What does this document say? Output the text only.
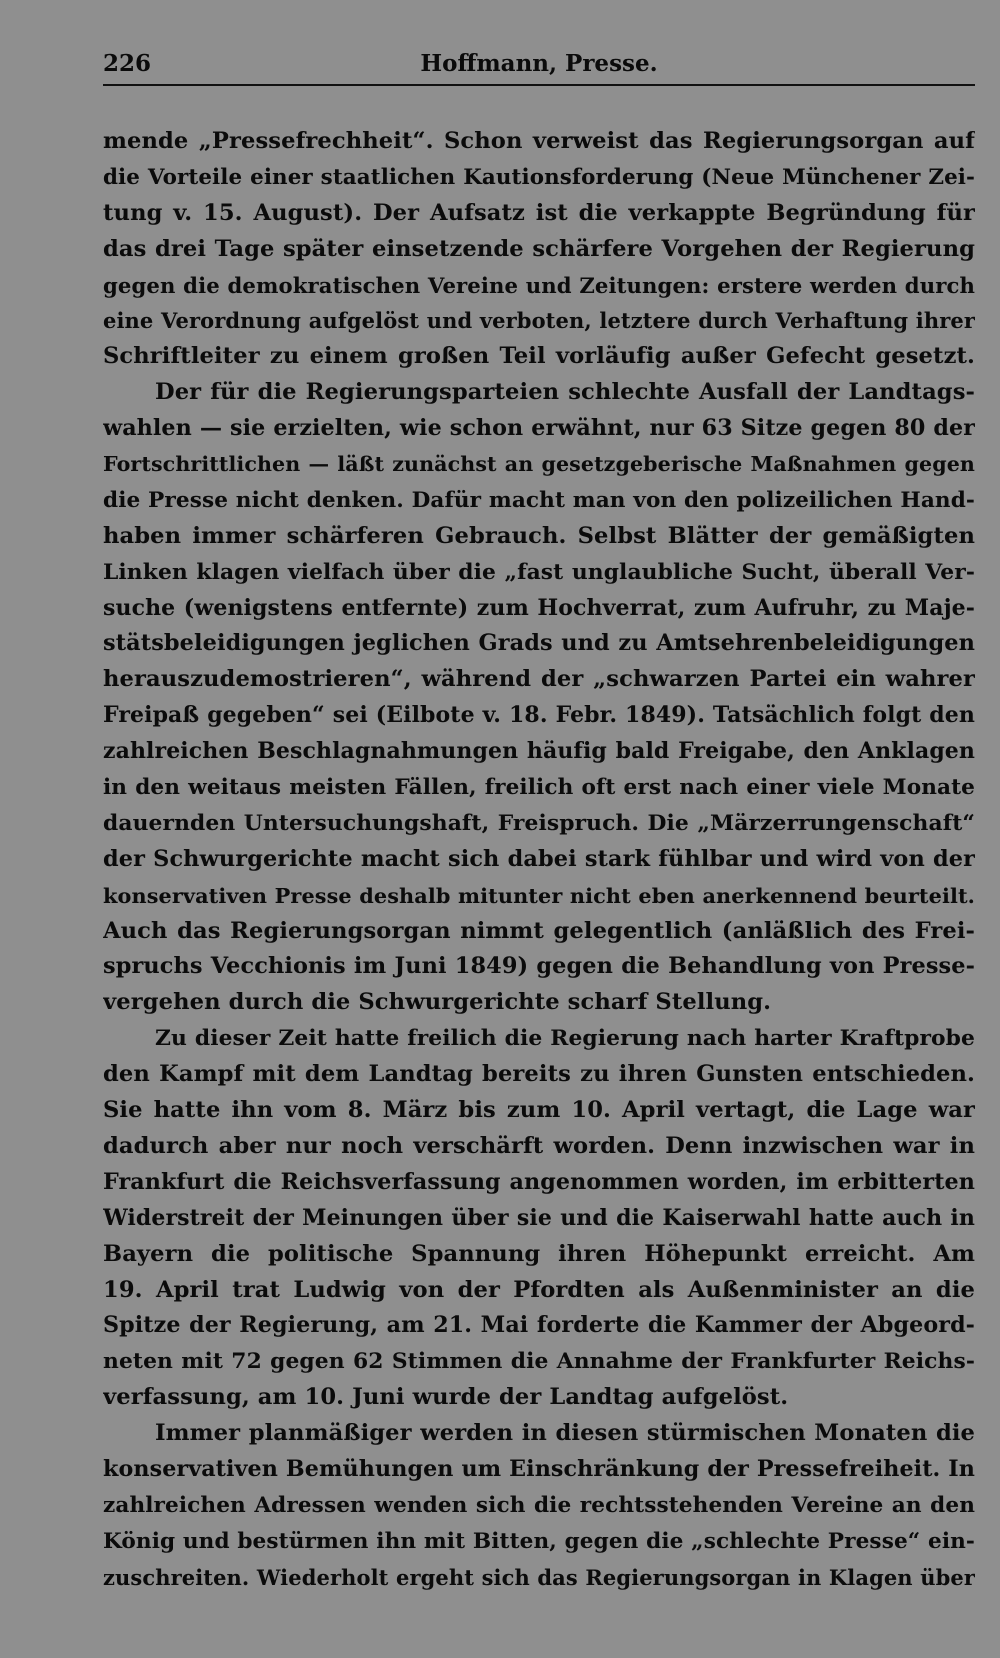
226	Hoffmann, Presse.
mende „Pressefrechheit“. Schon verweist das Regierungsorgan auf
die Vorteile einer staatlichen Kautionsforderung (Neue Münchener Zei-
tung v. 15. August). Der Aufsatz ist die verkappte Begründung für
das drei Tage später einsetzende schärfere Vorgehen der Regierung
gegen die demokratischen Vereine und Zeitungen: erstere werden durch
eine Verordnung aufgelöst und verboten, letztere durch Verhaftung ihrer
Schriftleiter zu einem großen Teil vorläufig außer Gefecht gesetzt.
Der für die Regierungsparteien schlechte Ausfall der Landtags-
wahlen — sie erzielten, wie schon erwähnt, nur 63 Sitze gegen 80 der
Fortschrittlichen — läßt zunächst an gesetzgeberische Maßnahmen gegen
die Presse nicht denken. Dafür macht man von den polizeilichen Hand-
haben immer schärferen Gebrauch. Selbst Blätter der gemäßigten
Linken klagen vielfach über die „fast unglaubliche Sucht, überall Ver-
suche (wenigstens entfernte) zum Hochverrat, zum Aufruhr, zu Maje-
stätsbeleidigungen jeglichen Grads und zu Amtsehrenbeleidigungen
herauszudemostrieren“, während der „schwarzen Partei ein wahrer
Freipaß gegeben“ sei (Eilbote v. 18. Febr. 1849). Tatsächlich folgt den
zahlreichen Beschlagnahmungen häufig bald Freigabe, den Anklagen
in den weitaus meisten Fällen, freilich oft erst nach einer viele Monate
dauernden Untersuchungshaft, Freispruch. Die „Märzerrungenschaft“
der Schwurgerichte macht sich dabei stark fühlbar und wird von der
konservativen Presse deshalb mitunter nicht eben anerkennend beurteilt.
Auch das Regierungsorgan nimmt gelegentlich (anläßlich des Frei-
spruchs Vecchionis im Juni 1849) gegen die Behandlung von Presse-
vergehen durch die Schwurgerichte scharf Stellung.
Zu dieser Zeit hatte freilich die Regierung nach harter Kraftprobe
den Kampf mit dem Landtag bereits zu ihren Gunsten entschieden.
Sie hatte ihn vom 8. März bis zum 10. April vertagt, die Lage war
dadurch aber nur noch verschärft worden. Denn inzwischen war in
Frankfurt die Reichsverfassung angenommen worden, im erbitterten
Widerstreit der Meinungen über sie und die Kaiserwahl hatte auch in
Bayern die politische Spannung ihren Höhepunkt erreicht. Am
19. April trat Ludwig von der Pfordten als Außenminister an die
Spitze der Regierung, am 21. Mai forderte die Kammer der Abgeord-
neten mit 72 gegen 62 Stimmen die Annahme der Frankfurter Reichs-
verfassung, am 10. Juni wurde der Landtag aufgelöst.
Immer planmäßiger werden in diesen stürmischen Monaten die
konservativen Bemühungen um Einschränkung der Pressefreiheit. In
zahlreichen Adressen wenden sich die rechtsstehenden Vereine an den
König und bestürmen ihn mit Bitten, gegen die „schlechte Presse“ ein-
zuschreiten. Wiederholt ergeht sich das Regierungsorgan in Klagen über
